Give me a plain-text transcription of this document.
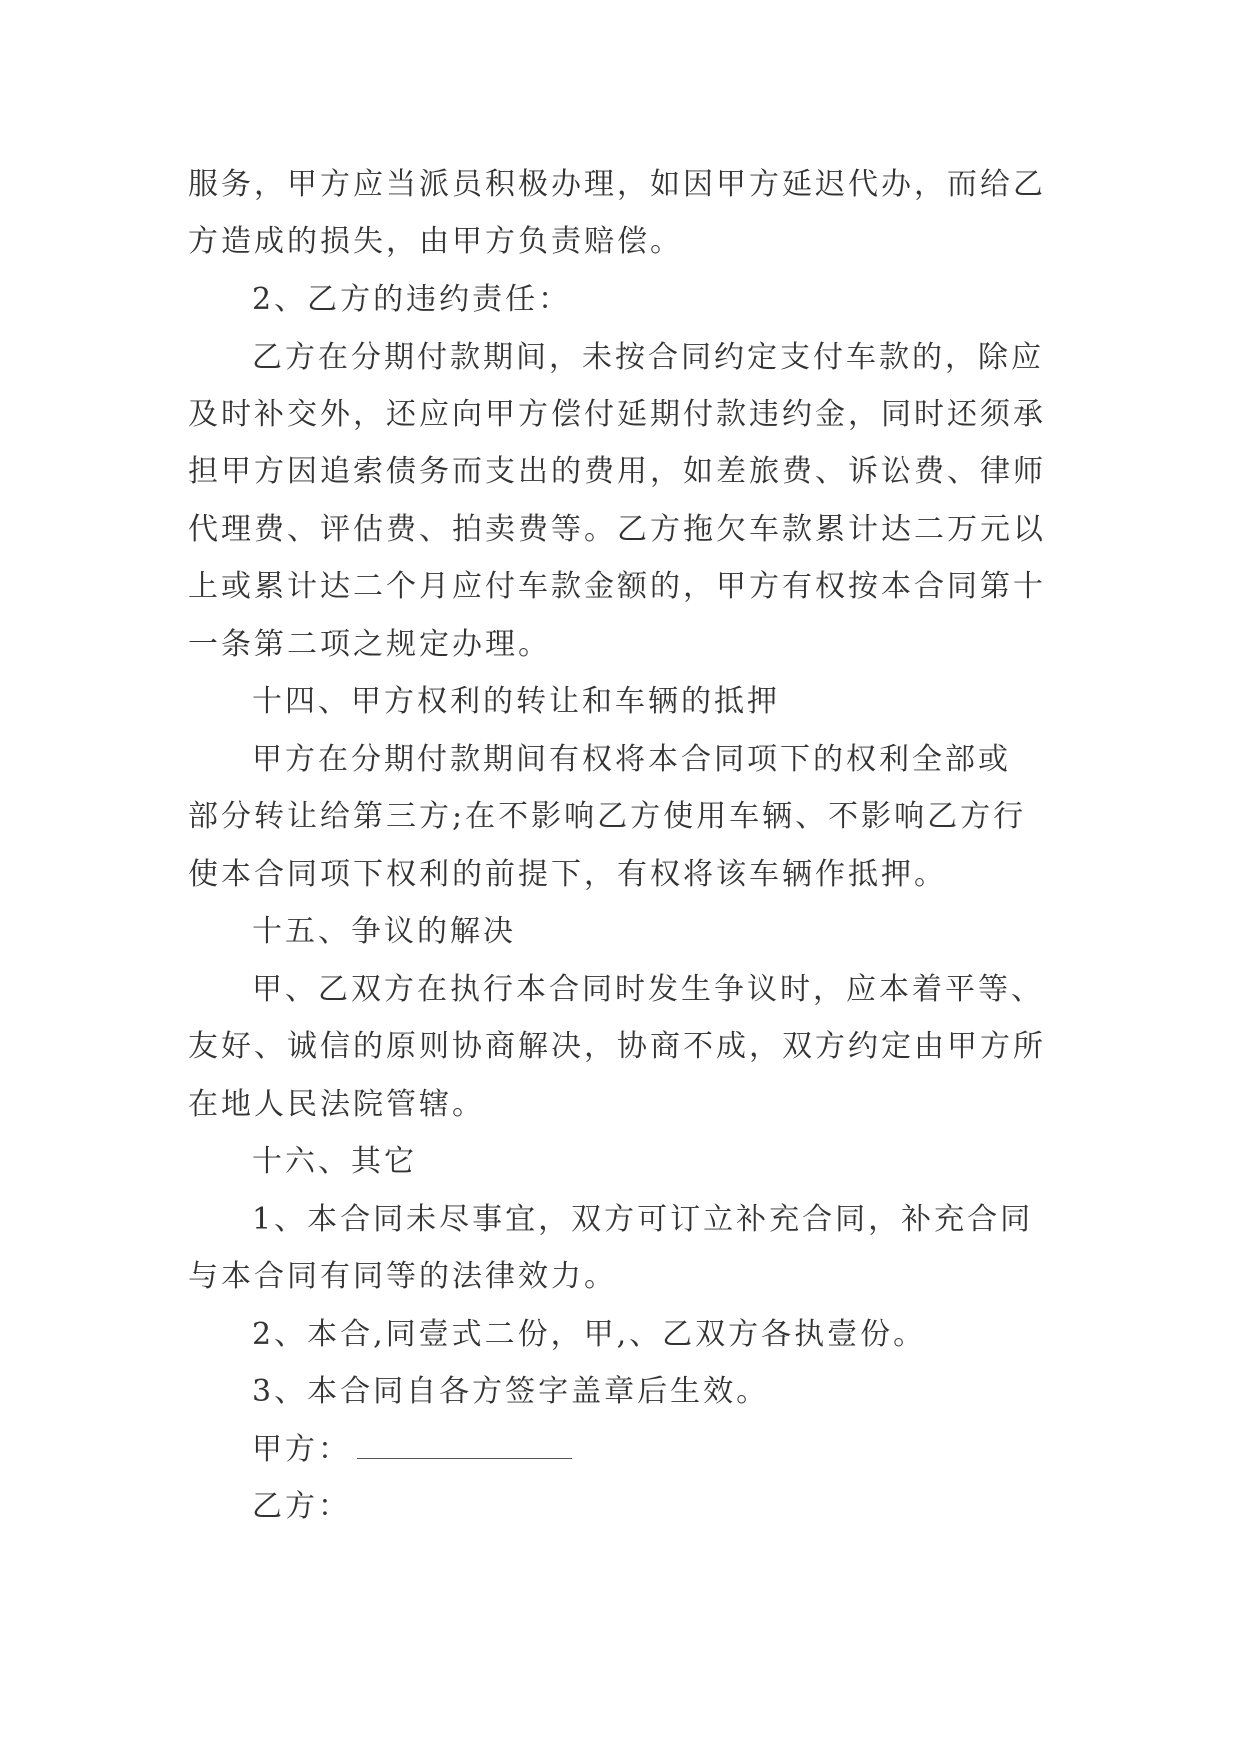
服务，甲方应当派员积极办理，如因甲方延迟代办，而给乙
方造成的损失，由甲方负责赔偿。
2、乙方的违约责任：
乙方在分期付款期间，未按合同约定支付车款的，除应
及时补交外，还应向甲方偿付延期付款违约金，同时还须承
担甲方因追索债务而支出的费用，如差旅费、诉讼费、律师
代理费、评估费、拍卖费等。乙方拖欠车款累计达二万元以
上或累计达二个月应付车款金额的，甲方有权按本合同第十
一条第二项之规定办理。
十四、甲方权利的转让和车辆的抵押
甲方在分期付款期间有权将本合同项下的权利全部或
部分转让给第三方;在不影响乙方使用车辆、不影响乙方行
使本合同项下权利的前提下，有权将该车辆作抵押。
十五、争议的解决
甲、乙双方在执行本合同时发生争议时，应本着平等、
友好、诚信的原则协商解决，协商不成，双方约定由甲方所
在地人民法院管辖。
十六、其它
1、本合同未尽事宜，双方可订立补充合同，补充合同
与本合同有同等的法律效力。
2、本合,同壹式二份，甲,、乙双方各执壹份。
3、本合同自各方签字盖章后生效。
甲方：
乙方：
